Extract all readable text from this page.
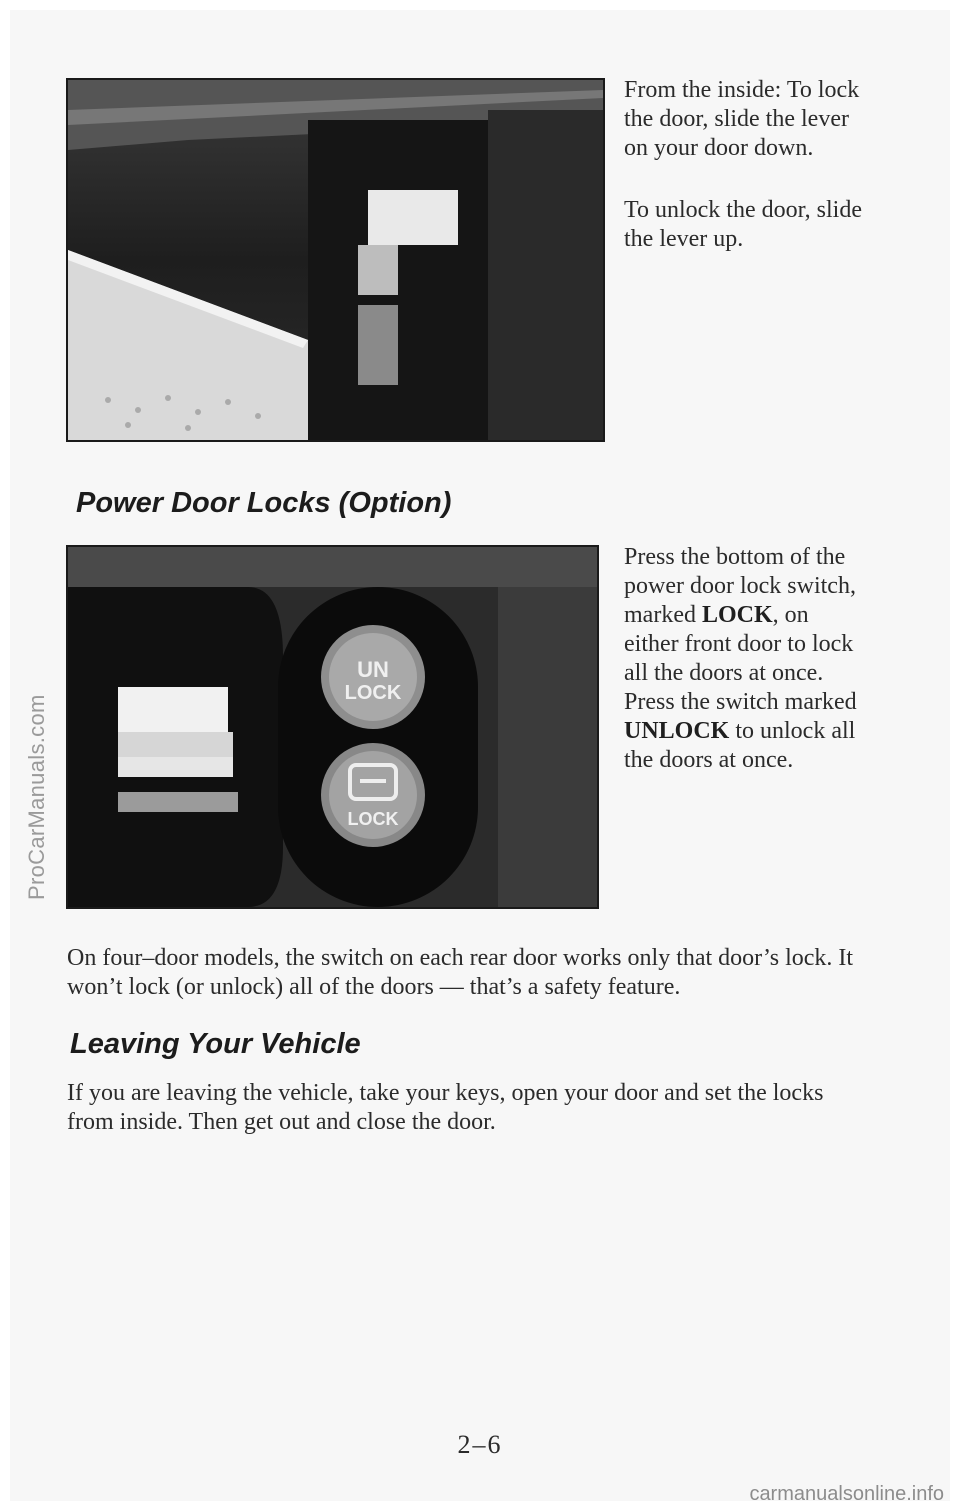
From the inside: To lock the door, slide the lever on your door down.

To unlock the door, slide the lever up.

Power Door Locks (Option)
UN
LOCK
LOCK

Press the bottom of the power door lock switch, marked LOCK, on either front door to lock all the doors at once. Press the switch marked UNLOCK to unlock all the doors at once.

On four–door models, the switch on each rear door works only that door’s lock. It won’t lock (or unlock) all of the doors — that’s a safety feature.

Leaving Your Vehicle

If you are leaving the vehicle, take your keys, open your door and set the locks from inside. Then get out and close the door.

2–6
ProCarManuals.com
carmanualsonline.info
